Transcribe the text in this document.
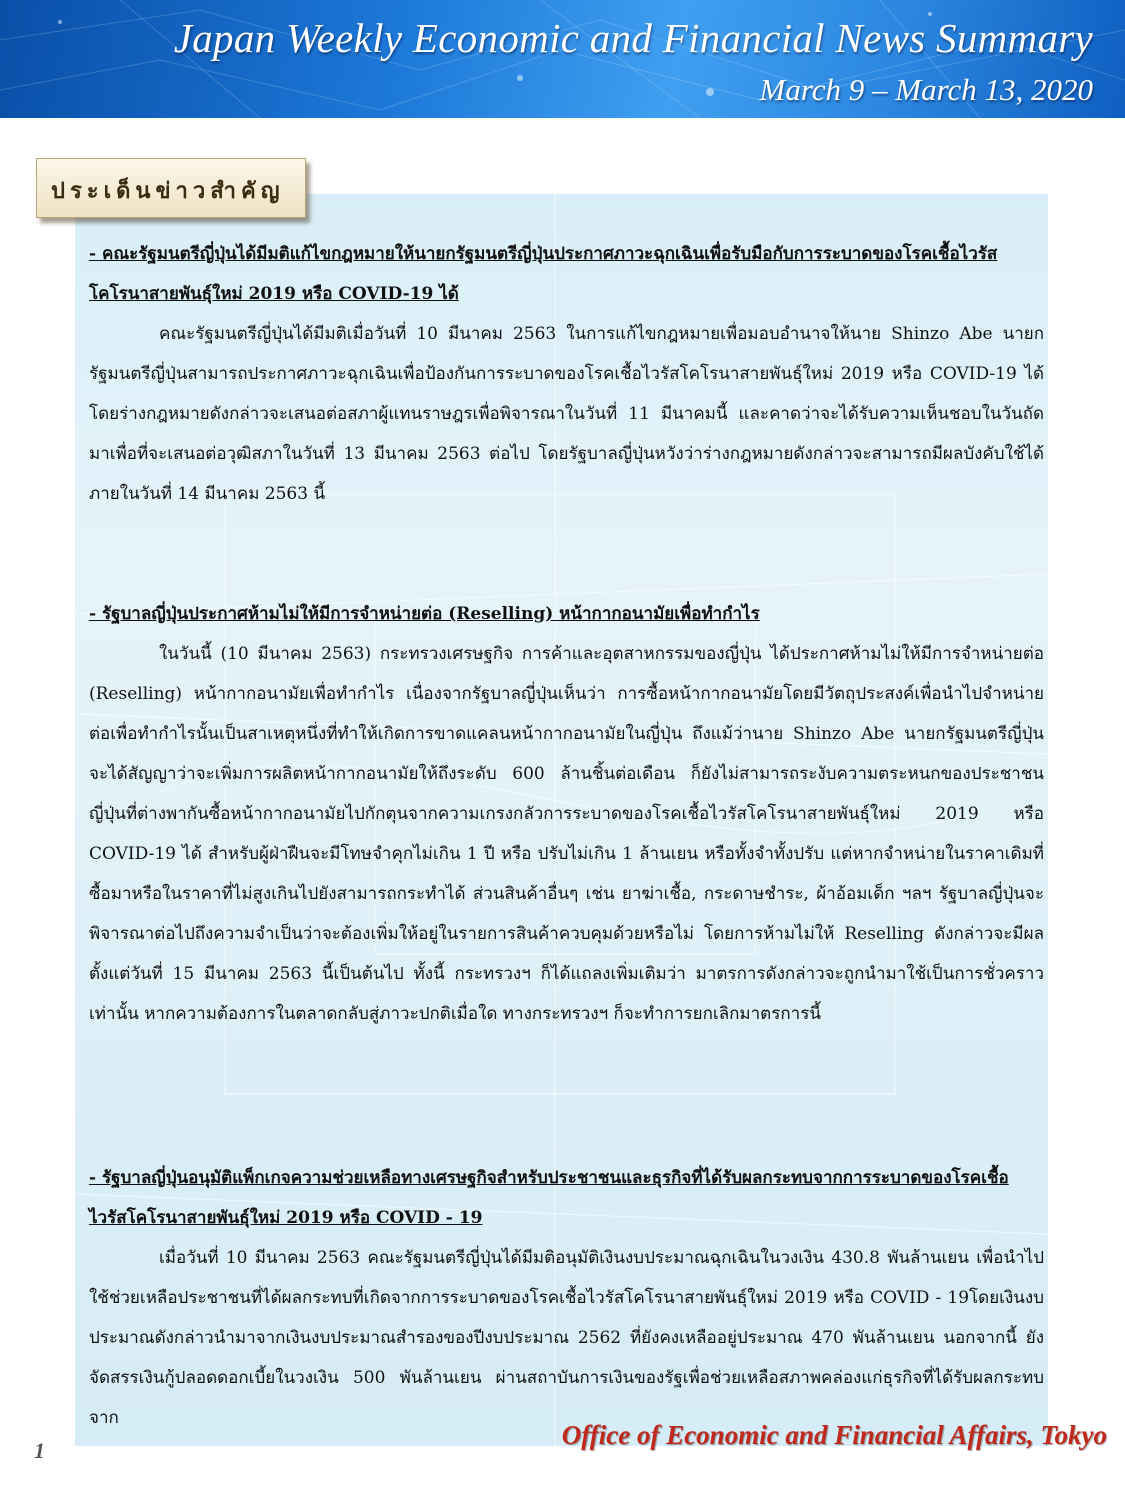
Japan Weekly Economic and Financial News Summary
March 9 – March 13, 2020
ประเด็นข่าวสำคัญ

- คณะรัฐมนตรีญี่ปุ่นได้มีมติแก้ไขกฎหมายให้นายกรัฐมนตรีญี่ปุ่นประกาศภาวะฉุกเฉินเพื่อรับมือกับการระบาดของโรคเชื้อไวรัสโคโรนาสายพันธุ์ใหม่ 2019 หรือ COVID-19 ได้

คณะรัฐมนตรีญี่ปุ่นได้มีมติเมื่อวันที่ 10 มีนาคม 2563 ในการแก้ไขกฎหมายเพื่อมอบอำนาจให้นาย Shinzo Abe นายกรัฐมนตรีญี่ปุ่นสามารถประกาศภาวะฉุกเฉินเพื่อป้องกันการระบาดของโรคเชื้อไวรัสโคโรนาสายพันธุ์ใหม่ 2019 หรือ COVID-19 ได้ โดยร่างกฎหมายดังกล่าวจะเสนอต่อสภาผู้แทนราษฎรเพื่อพิจารณาในวันที่ 11 มีนาคมนี้ และคาดว่าจะได้รับความเห็นชอบในวันถัดมาเพื่อที่จะเสนอต่อวุฒิสภาในวันที่ 13 มีนาคม 2563 ต่อไป โดยรัฐบาลญี่ปุ่นหวังว่าร่างกฎหมายดังกล่าวจะสามารถมีผลบังคับใช้ได้ภายในวันที่ 14 มีนาคม 2563 นี้

- รัฐบาลญี่ปุ่นประกาศห้ามไม่ให้มีการจำหน่ายต่อ (Reselling) หน้ากากอนามัยเพื่อทำกำไร

ในวันนี้ (10 มีนาคม 2563) กระทรวงเศรษฐกิจ การค้าและอุตสาหกรรมของญี่ปุ่น ได้ประกาศห้ามไม่ให้มีการจำหน่ายต่อ (Reselling) หน้ากากอนามัยเพื่อทำกำไร เนื่องจากรัฐบาลญี่ปุ่นเห็นว่า การซื้อหน้ากากอนามัยโดยมีวัตถุประสงค์เพื่อนำไปจำหน่ายต่อเพื่อทำกำไรนั้นเป็นสาเหตุหนึ่งที่ทำให้เกิดการขาดแคลนหน้ากากอนามัยในญี่ปุ่น ถึงแม้ว่านาย Shinzo Abe นายกรัฐมนตรีญี่ปุ่นจะได้สัญญาว่าจะเพิ่มการผลิตหน้ากากอนามัยให้ถึงระดับ 600 ล้านชิ้นต่อเดือน ก็ยังไม่สามารถระงับความตระหนกของประชาชนญี่ปุ่นที่ต่างพากันซื้อหน้ากากอนามัยไปกักตุนจากความเกรงกลัวการระบาดของโรคเชื้อไวรัสโคโรนาสายพันธุ์ใหม่ 2019 หรือ COVID-19 ได้ สำหรับผู้ฝ่าฝืนจะมีโทษจำคุกไม่เกิน 1 ปี หรือ ปรับไม่เกิน 1 ล้านเยน หรือทั้งจำทั้งปรับ แต่หากจำหน่ายในราคาเดิมที่ซื้อมาหรือในราคาที่ไม่สูงเกินไปยังสามารถกระทำได้ ส่วนสินค้าอื่นๆ เช่น ยาฆ่าเชื้อ, กระดาษชำระ, ผ้าอ้อมเด็ก ฯลฯ รัฐบาลญี่ปุ่นจะพิจารณาต่อไปถึงความจำเป็นว่าจะต้องเพิ่มให้อยู่ในรายการสินค้าควบคุมด้วยหรือไม่ โดยการห้ามไม่ให้ Reselling ดังกล่าวจะมีผลตั้งแต่วันที่ 15 มีนาคม 2563 นี้เป็นต้นไป ทั้งนี้ กระทรวงฯ ก็ได้แถลงเพิ่มเติมว่า มาตรการดังกล่าวจะถูกนำมาใช้เป็นการชั่วคราวเท่านั้น หากความต้องการในตลาดกลับสู่ภาวะปกติเมื่อใด ทางกระทรวงฯ ก็จะทำการยกเลิกมาตรการนี้

- รัฐบาลญี่ปุ่นอนุมัติแพ็กเกจความช่วยเหลือทางเศรษฐกิจสำหรับประชาชนและธุรกิจที่ได้รับผลกระทบจากการระบาดของโรคเชื้อไวรัสโคโรนาสายพันธุ์ใหม่ 2019 หรือ COVID - 19

เมื่อวันที่ 10 มีนาคม 2563 คณะรัฐมนตรีญี่ปุ่นได้มีมติอนุมัติเงินงบประมาณฉุกเฉินในวงเงิน 430.8 พันล้านเยน เพื่อนำไปใช้ช่วยเหลือประชาชนที่ได้ผลกระทบที่เกิดจากการระบาดของโรคเชื้อไวรัสโคโรนาสายพันธุ์ใหม่ 2019 หรือ COVID - 19โดยเงินงบประมาณดังกล่าวนำมาจากเงินงบประมาณสำรองของปีงบประมาณ 2562 ที่ยังคงเหลืออยู่ประมาณ 470 พันล้านเยน นอกจากนี้ ยังจัดสรรเงินกู้ปลอดดอกเบี้ยในวงเงิน 500 พันล้านเยน ผ่านสถาบันการเงินของรัฐเพื่อช่วยเหลือสภาพคล่องแก่ธุรกิจที่ได้รับผลกระทบจาก

1
Office of Economic and Financial Affairs, Tokyo
